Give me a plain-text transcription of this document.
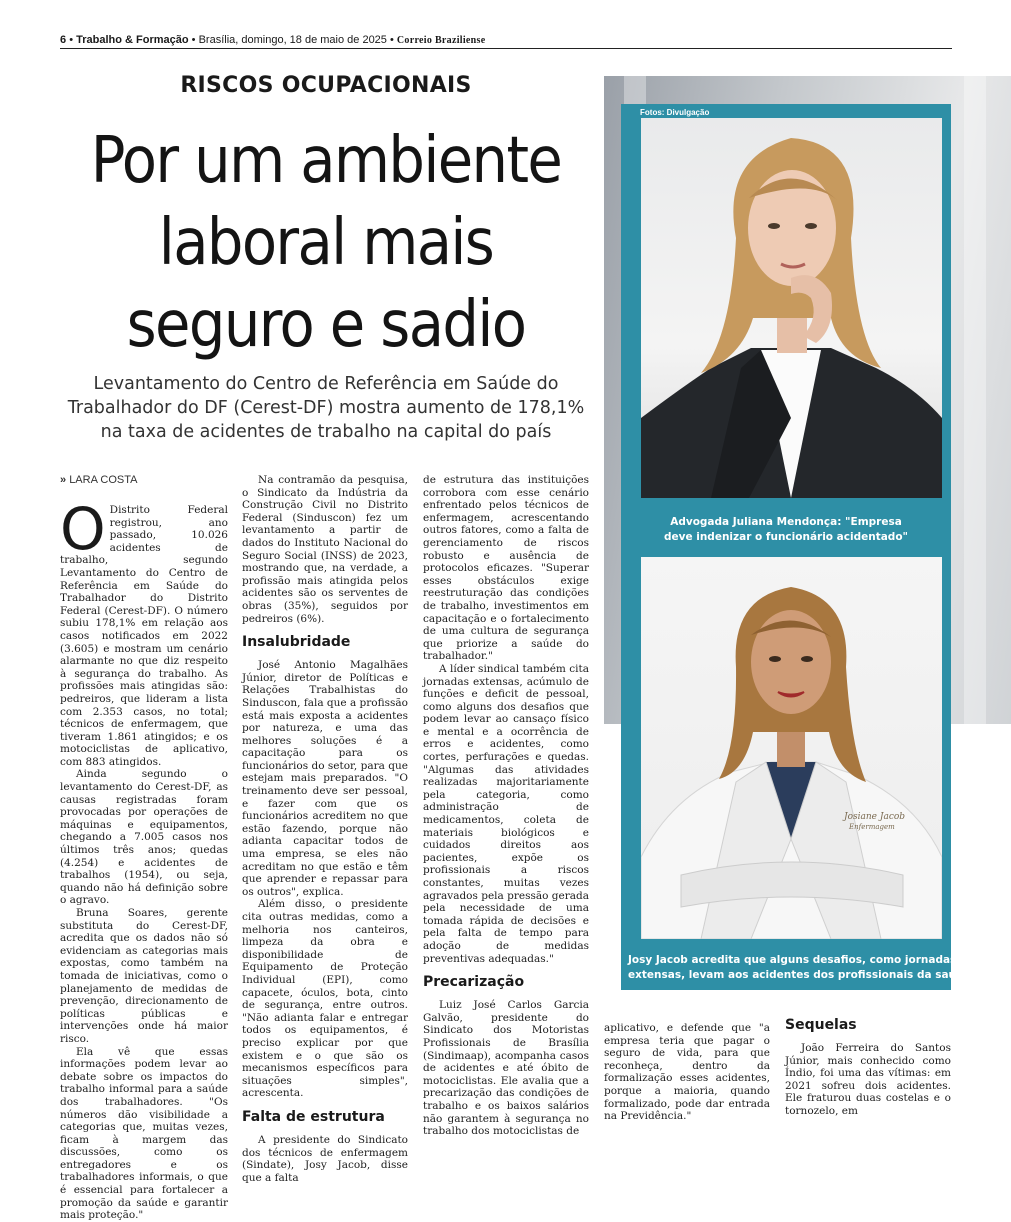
6 • Trabalho & Formação • Brasília, domingo, 18 de maio de 2025 • Correio Braziliense
RISCOS OCUPACIONAIS
Por um ambiente
laboral mais
seguro e sadio
Levantamento do Centro de Referência em Saúde do
Trabalhador do DF (Cerest-DF) mostra aumento de 178,1%
na taxa de acidentes de trabalho na capital do país
Fotos: Divulgação
Advogada Juliana Mendonça: "Empresa
deve indenizar o funcionário acidentado"
Josiane Jacob
Enfermagem
Josy Jacob acredita que alguns desafios, como jornadas
extensas, levam aos acidentes dos profissionais da saúde
» LARA COSTA

O Distrito Federal registrou, ano passado, 10.026 acidentes de trabalho, segundo Levantamento do Centro de Referência em Saúde do Trabalhador do Distrito Federal (Cerest-DF). O número subiu 178,1% em relação aos casos notificados em 2022 (3.605) e mostram um cenário alarmante no que diz respeito à segurança do trabalho. As profissões mais atingidas são: pedreiros, que lideram a lista com 2.353 casos, no total; técnicos de enfermagem, que tiveram 1.861 atingidos; e os motociclistas de aplicativo, com 883 atingidos.

Ainda segundo o levantamento do Cerest-DF, as causas registradas foram provocadas por operações de máquinas e equipamentos, chegando a 7.005 casos nos últimos três anos; quedas (4.254) e acidentes de trabalhos (1954), ou seja, quando não há definição sobre o agravo.

Bruna Soares, gerente substituta do Cerest-DF, acredita que os dados não só evidenciam as categorias mais expostas, como também na tomada de iniciativas, como o planejamento de medidas de prevenção, direcionamento de políticas públicas e intervenções onde há maior risco.

Ela vê que essas informações podem levar ao debate sobre os impactos do trabalho informal para a saúde dos trabalhadores. "Os números dão visibilidade a categorias que, muitas vezes, ficam à margem das discussões, como os entregadores e os trabalhadores informais, o que é essencial para fortalecer a promoção da saúde e garantir mais proteção."

Na contramão da pesquisa, o Sindicato da Indústria da Construção Civil no Distrito Federal (Sinduscon) fez um levantamento a partir de dados do Instituto Nacional do Seguro Social (INSS) de 2023, mostrando que, na verdade, a profissão mais atingida pelos acidentes são os serventes de obras (35%), seguidos por pedreiros (6%).

Insalubridade

José Antonio Magalhães Júnior, diretor de Políticas e Relações Trabalhistas do Sinduscon, fala que a profissão está mais exposta a acidentes por natureza, e uma das melhores soluções é a capacitação para os funcionários do setor, para que estejam mais preparados. "O treinamento deve ser pessoal, e fazer com que os funcionários acreditem no que estão fazendo, porque não adianta capacitar todos de uma empresa, se eles não acreditam no que estão e têm que aprender e repassar para os outros", explica.

Além disso, o presidente cita outras medidas, como a melhoria nos canteiros, limpeza da obra e disponibilidade de Equipamento de Proteção Individual (EPI), como capacete, óculos, bota, cinto de segurança, entre outros. "Não adianta falar e entregar todos os equipamentos, é preciso explicar por que existem e o que são os mecanismos específicos para situações simples", acrescenta.

Falta de estrutura

A presidente do Sindicato dos técnicos de enfermagem (Sindate), Josy Jacob, disse que a falta

de estrutura das instituições corrobora com esse cenário enfrentado pelos técnicos de enfermagem, acrescentando outros fatores, como a falta de gerenciamento de riscos robusto e ausência de protocolos eficazes. "Superar esses obstáculos exige reestruturação das condições de trabalho, investimentos em capacitação e o fortalecimento de uma cultura de segurança que priorize a saúde do trabalhador."

A líder sindical também cita jornadas extensas, acúmulo de funções e deficit de pessoal, como alguns dos desafios que podem levar ao cansaço físico e mental e a ocorrência de erros e acidentes, como cortes, perfurações e quedas. "Algumas das atividades realizadas majoritariamente pela categoria, como administração de medicamentos, coleta de materiais biológicos e cuidados direitos aos pacientes, expõe os profissionais a riscos constantes, muitas vezes agravados pela pressão gerada pela necessidade de uma tomada rápida de decisões e pela falta de tempo para adoção de medidas preventivas adequadas."

Precarização

Luiz José Carlos Garcia Galvão, presidente do Sindicato dos Motoristas Profissionais de Brasília (Sindimaap), acompanha casos de acidentes e até óbito de motociclistas. Ele avalia que a precarização das condições de trabalho e os baixos salários não garantem à segurança no trabalho dos motociclistas de

aplicativo, e defende que "a empresa teria que pagar o seguro de vida, para que reconheça, dentro da formalização esses acidentes, porque a maioria, quando formalizado, pode dar entrada na Previdência."

Sequelas

João Ferreira do Santos Júnior, mais conhecido como Índio, foi uma das vítimas: em 2021 sofreu dois acidentes. Ele fraturou duas costelas e o tornozelo, em
